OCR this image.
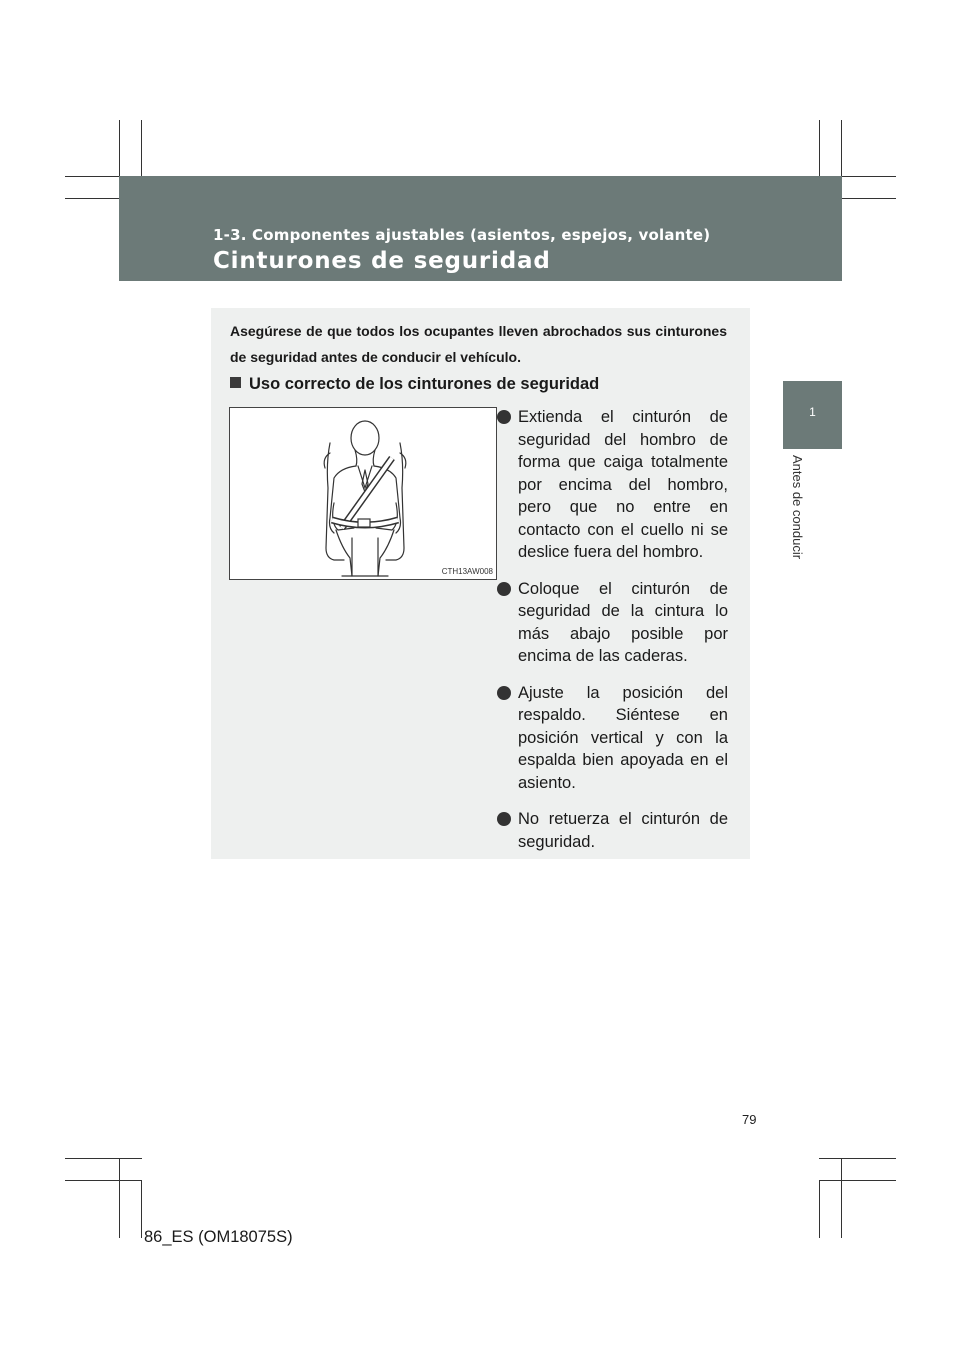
1-3. Componentes ajustables (asientos, espejos, volante)
Cinturones de seguridad
1
Antes de conducir
Asegúrese de que todos los ocupantes lleven abrochados sus cinturones de seguridad antes de conducir el vehículo.
Uso correcto de los cinturones de seguridad
CTH13AW008
Extienda el cinturón de seguridad del hombro de forma que caiga totalmente por encima del hombro, pero que no entre en contacto con el cuello ni se deslice fuera del hombro.
Coloque el cinturón de seguridad de la cintura lo más abajo posible por encima de las caderas.
Ajuste la posición del respaldo. Siéntese en posición vertical y con la espalda bien apoyada en el asiento.
No retuerza el cinturón de seguridad.
79
86_ES (OM18075S)
